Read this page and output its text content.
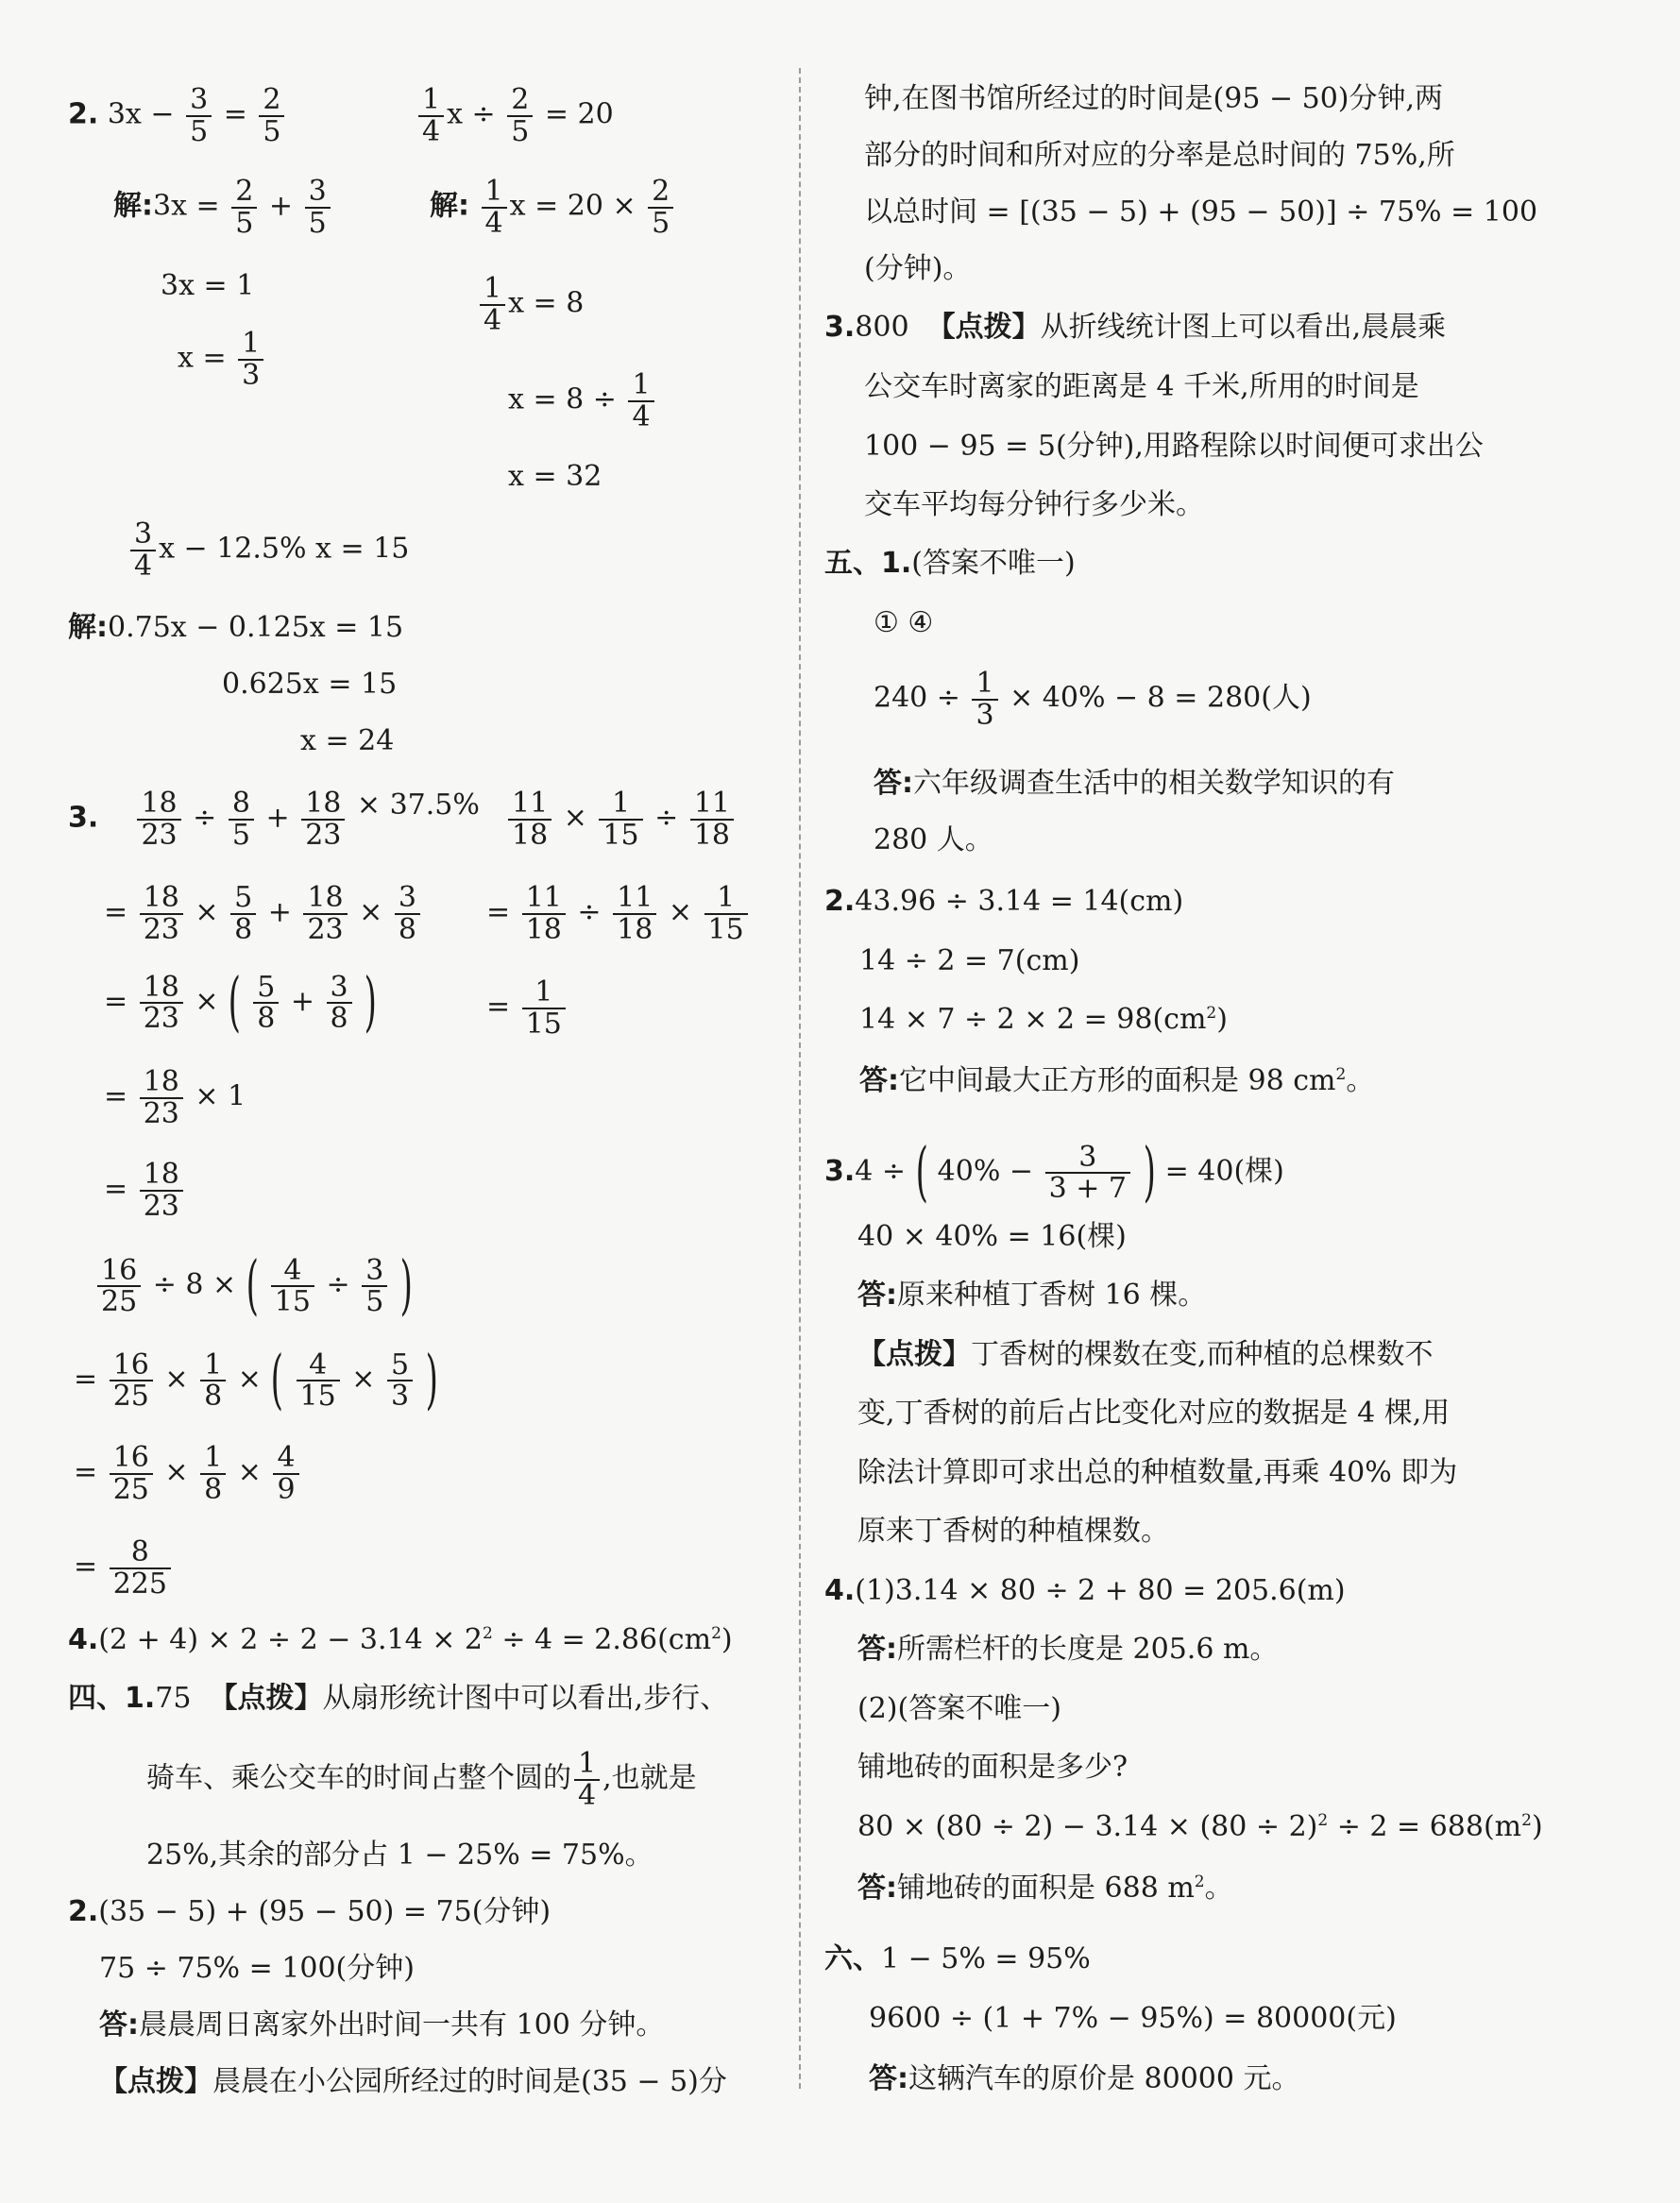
2. $3x - \frac{3}{5} = \frac{2}{5}$	$\frac{1}{4}$ $x \div \frac{2}{5} = 20$
解:3x = $\frac{2}{5} + \frac{3}{5}$
3x = 1
$x = \frac{1}{3}$
解: $\frac{1}{4}$ $x = 20 \times \frac{2}{5}$
$\frac{1}{4}$ x = 8
$x = 8 \div \frac{1}{4}$
x = 32
$\frac{3}{4}$ x − 12.5% x = 15
解:0.75x − 0.125x = 15
0.625x = 15
x = 24
3. $\frac{18}{23} \div \frac{8}{5} + \frac{18}{23} \times 37.5\%$
= $\frac{18}{23} \times \frac{5}{8} + \frac{18}{23} \times \frac{3}{8}$
= $\frac{18}{23}$ × ( $\frac{5}{8} + \frac{3}{8}$ )
= $\frac{18}{23} \times 1$
= $\frac{18}{23}$
$\frac{11}{18} \times \frac{1}{15} \div \frac{11}{18}$
= $\frac{11}{18} \div \frac{11}{18} \times \frac{1}{15}$
= $\frac{1}{15}$
$\frac{16}{25} \div 8$ × ( $\frac{4}{15} \div \frac{3}{5}$ )
= $\frac{16}{25} \times \frac{1}{8}$ × ( $\frac{4}{15} \times \frac{5}{3}$ )
= $\frac{16}{25} \times \frac{1}{8} \times \frac{4}{9}$
= $\frac{8}{225}$
$4.(2 + 4) \times 2 \div 2 - 3.14 \times 2^2 \div 4 = 2.86(cm^2)$
四、1.75 【点拨】从扇形统计图中可以看出,步行、
骑车、乘公交车的时间占整个圆的 $\frac{1}{4}$ ,也就是
25%,其余的部分占 1 − 25% = 75%。
2.(35 − 5) + (95 − 50) = 75(分钟)
75 ÷ 75% = 100(分钟)
答:晨晨周日离家外出时间一共有 100 分钟。
【点拨】晨晨在小公园所经过的时间是(35 − 5)分
钟,在图书馆所经过的时间是(95 − 50)分钟,两
部分的时间和所对应的分率是总时间的 75%,所
以总时间 = [(35 − 5) + (95 − 50)] ÷ 75% = 100
(分钟)。
3.800 【点拨】从折线统计图上可以看出,晨晨乘
公交车时离家的距离是 4 千米,所用的时间是
100 − 95 = 5(分钟),用路程除以时间便可求出公
交车平均每分钟行多少米。
五、1.(答案不唯一)
① ④
$240 \div \frac{1}{3} \times 40\% - 8 = 280$(人)
答:六年级调查生活中的相关数学知识的有
280 人。
2.43.96 ÷ 3.14 = 14(cm)
14 ÷ 2 = 7(cm)
$14 \times 7 \div 2 \times 2 = 98(cm^2)$
答:它中间最大正方形的面积是 98 $cm^2$。
3.4 ÷ ( $40\% - \frac{3}{3 + 7}$ ) = 40(棵)
40 × 40% = 16(棵)
答:原来种植丁香树 16 棵。
【点拨】丁香树的棵数在变,而种植的总棵数不
变,丁香树的前后占比变化对应的数据是 4 棵,用
除法计算即可求出总的种植数量,再乘 40% 即为
原来丁香树的种植棵数。
4.(1)3.14 × 80 ÷ 2 + 80 = 205.6(m)
答:所需栏杆的长度是 205.6 m。
(2)(答案不唯一)
铺地砖的面积是多少?
$80 \times (80 \div 2) - 3.14 \times (80 \div 2)^2 \div 2 = 688(m^2)$
答:铺地砖的面积是 688 $m^2$。
六、1 − 5% = 95%
9600 ÷ (1 + 7% − 95%) = 80000(元)
答:这辆汽车的原价是 80000 元。
